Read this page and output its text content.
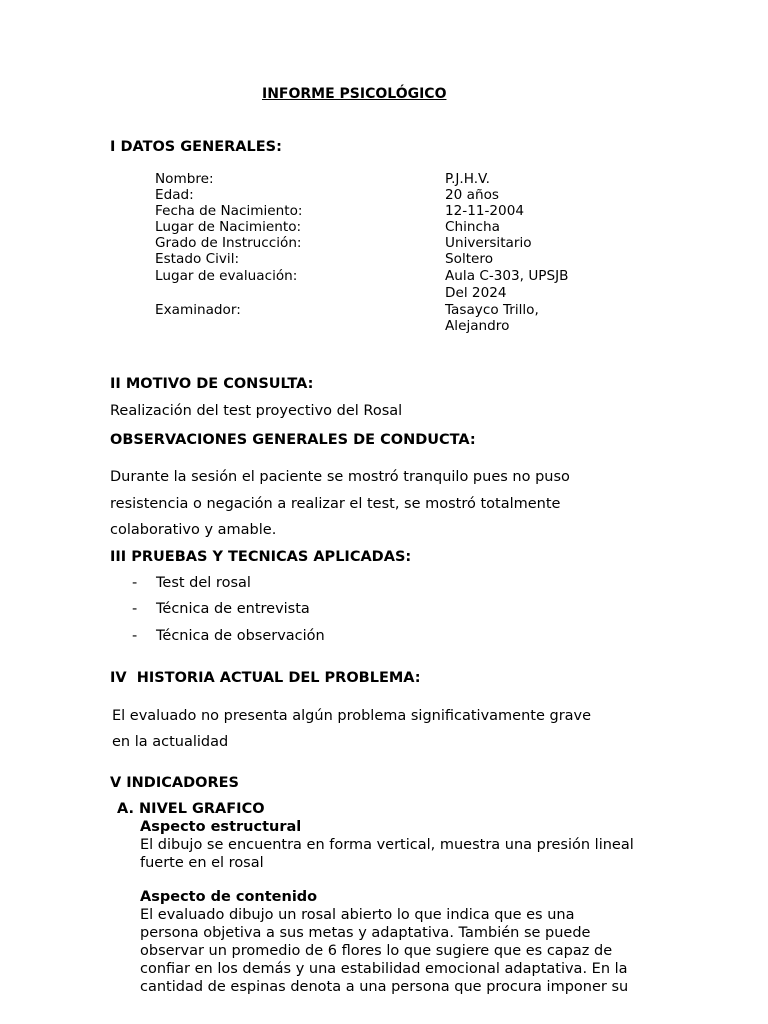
INFORME PSICOLÓGICO
I DATOS GENERALES:
Nombre:	P.J.H.V.
Edad:	20 años
Fecha de Nacimiento:	12-11-2004
Lugar de Nacimiento:	Chincha
Grado de Instrucción:	Universitario
Estado Civil:	Soltero
Lugar de evaluación:	Aula C-303, UPSJB
Del 2024
Examinador:	Tasayco Trillo,
Alejandro
II MOTIVO DE CONSULTA:
Realización del test proyectivo del Rosal
OBSERVACIONES GENERALES DE CONDUCTA:
Durante la sesión el paciente se mostró tranquilo pues no puso
resistencia o negación a realizar el test, se mostró totalmente
colaborativo y amable.
III PRUEBAS Y TECNICAS APLICADAS:
- Test del rosal
- Técnica de entrevista
- Técnica de observación
IV  HISTORIA ACTUAL DEL PROBLEMA:
El evaluado no presenta algún problema significativamente grave
en la actualidad
V INDICADORES
A. NIVEL GRAFICO
Aspecto estructural
El dibujo se encuentra en forma vertical, muestra una presión lineal
fuerte en el rosal
Aspecto de contenido
El evaluado dibujo un rosal abierto lo que indica que es una
persona objetiva a sus metas y adaptativa. También se puede
observar un promedio de 6 flores lo que sugiere que es capaz de
confiar en los demás y una estabilidad emocional adaptativa. En la
cantidad de espinas denota a una persona que procura imponer su
